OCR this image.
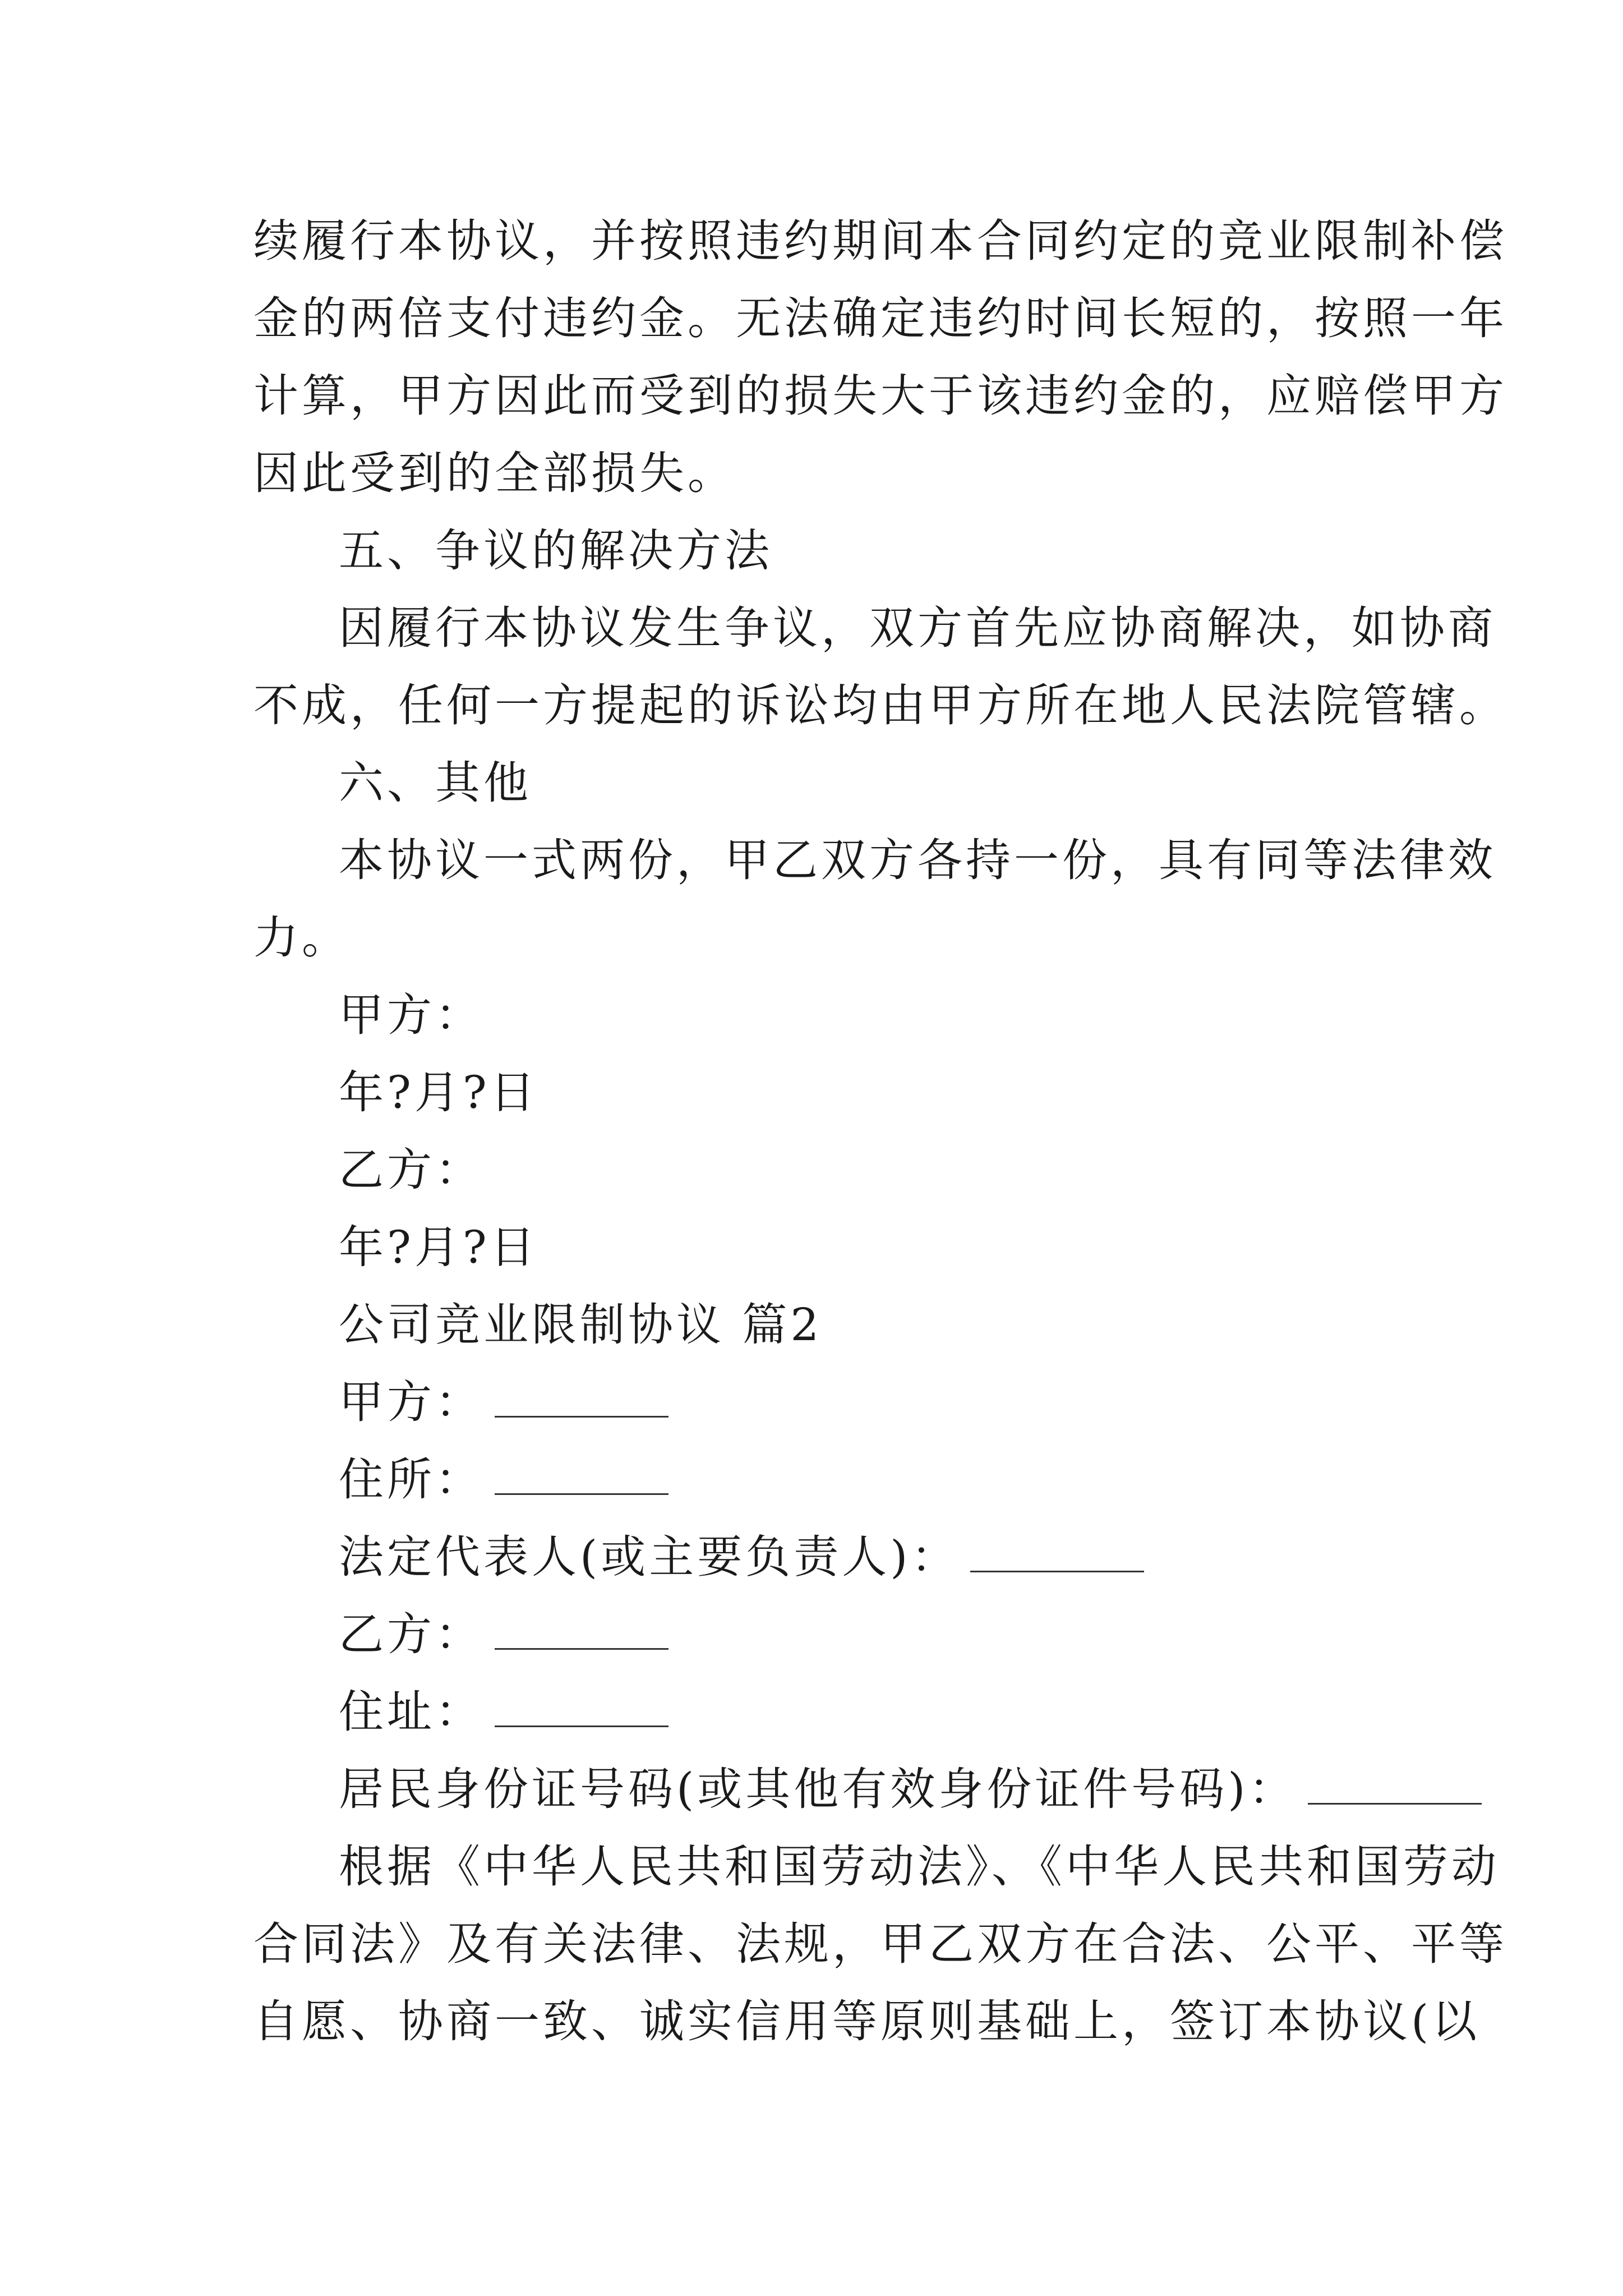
续履行本协议，并按照违约期间本合同约定的竞业限制补偿
金的两倍支付违约金。无法确定违约时间长短的，按照一年
计算，甲方因此而受到的损失大于该违约金的，应赔偿甲方
因此受到的全部损失。
五、争议的解决方法
因履行本协议发生争议，双方首先应协商解决，如协商
不成，任何一方提起的诉讼均由甲方所在地人民法院管辖。
六、其他
本协议一式两份，甲乙双方各持一份，具有同等法律效
力。
甲方：
年?月?日
乙方：
年?月?日
公司竞业限制协议 篇2
甲方：
住所：
法定代表人(或主要负责人)：
乙方：
住址：
居民身份证号码(或其他有效身份证件号码)：
根据《中华人民共和国劳动法》、《中华人民共和国劳动
合同法》及有关法律、法规，甲乙双方在合法、公平、平等
自愿、协商一致、诚实信用等原则基础上，签订本协议(以
